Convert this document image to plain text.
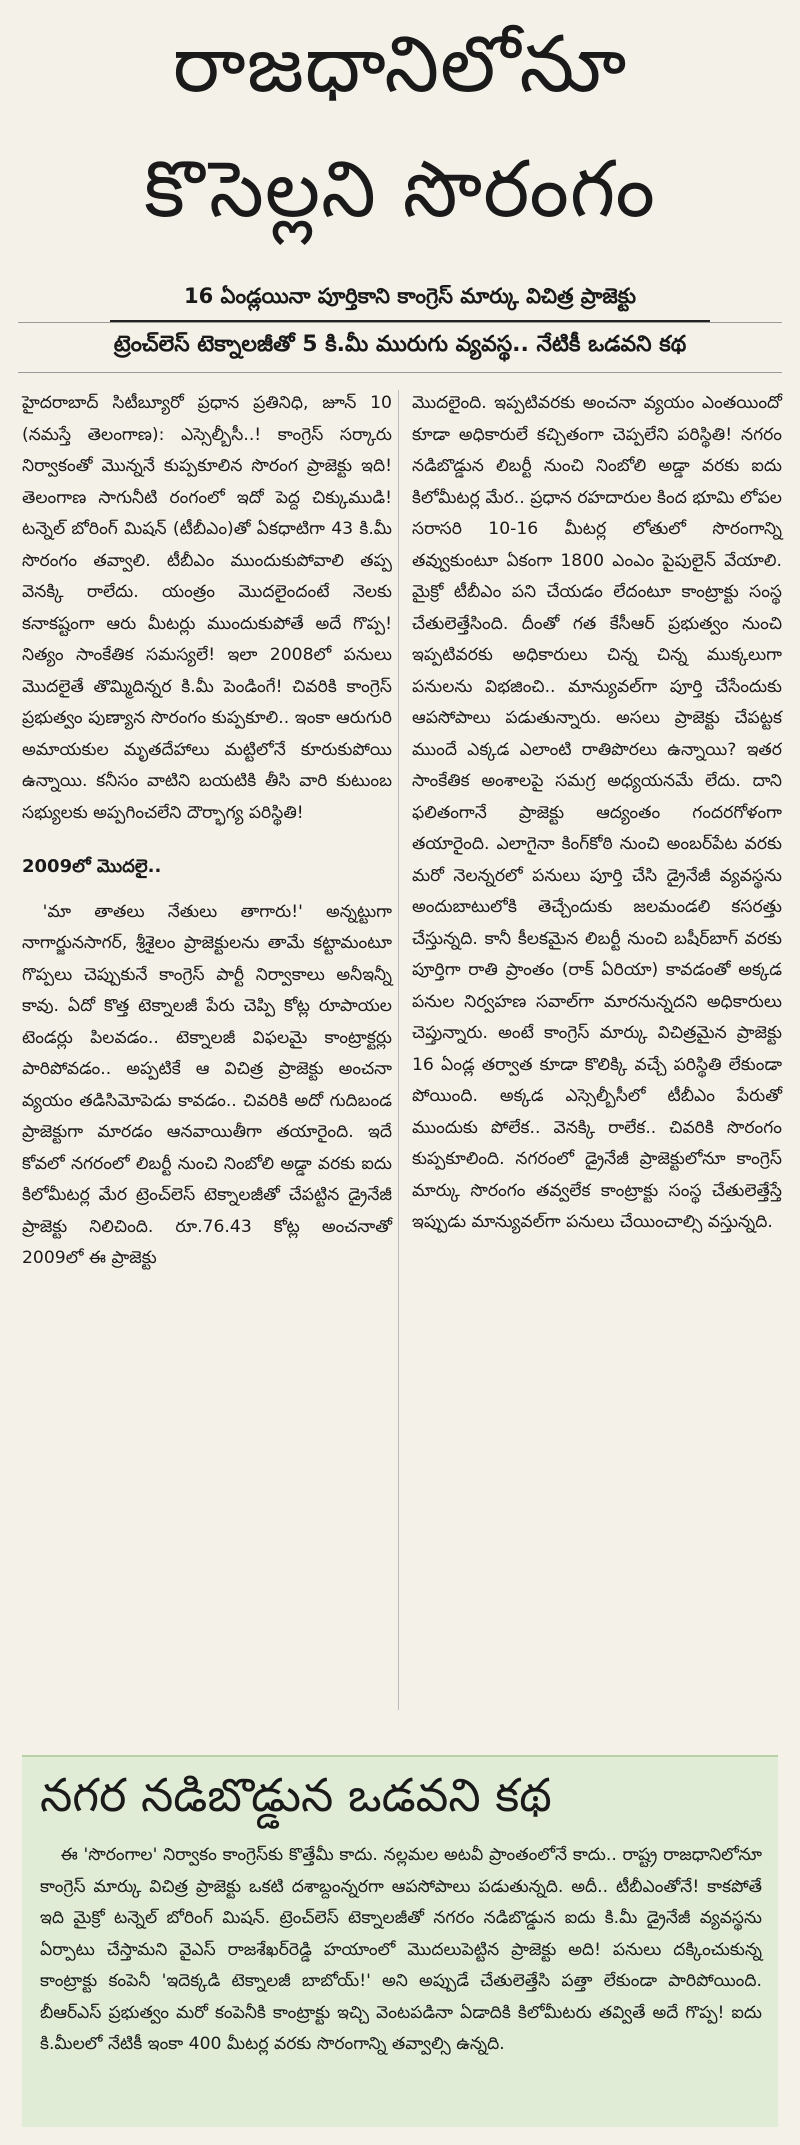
రాజధానిలోనూ
కొసెల్లని సొరంగం
16 ఏండ్లయినా పూర్తికాని కాంగ్రెస్ మార్కు విచిత్ర ప్రాజెక్టు
ట్రెంచ్‌లెస్ టెక్నాలజీతో 5 కి.మీ మురుగు వ్యవస్థ.. నేటికీ ఒడవని కథ

హైదరాబాద్ సిటీబ్యూరో ప్రధాన ప్రతినిధి, జూన్ 10 (నమస్తే తెలంగాణ): ఎస్సెల్బీసీ..! కాంగ్రెస్ సర్కారు నిర్వాకంతో మొన్ననే కుప్పకూలిన సొరంగ ప్రాజెక్టు ఇది! తెలంగాణ సాగునీటి రంగంలో ఇదో పెద్ద చిక్కుముడి! టన్నెల్ బోరింగ్ మిషన్ (టీబీఎం)తో ఏకధాటిగా 43 కి.మీ సొరంగం తవ్వాలి. టీబీఎం ముందుకుపోవాలి తప్ప వెనక్కి రాలేదు. యంత్రం మొదలైందంటే నెలకు కనాకష్టంగా ఆరు మీటర్లు ముందుకుపోతే అదే గొప్ప! నిత్యం సాంకేతిక సమస్యలే! ఇలా 2008లో పనులు మొదలైతే తొమ్మిదిన్నర కి.మీ పెండింగే! చివరికి కాంగ్రెస్ ప్రభుత్వం పుణ్యాన సొరంగం కుప్పకూలి.. ఇంకా ఆరుగురి అమాయకుల మృతదేహాలు మట్టిలోనే కూరుకుపోయి ఉన్నాయి. కనీసం వాటిని బయటికి తీసి వారి కుటుంబ సభ్యులకు అప్పగించలేని దౌర్భాగ్య పరిస్థితి!

2009లో మొదలై..

'మా తాతలు నేతులు తాగారు!' అన్నట్టుగా నాగార్జునసాగర్, శ్రీశైలం ప్రాజెక్టులను తామే కట్టామంటూ గొప్పలు చెప్పుకునే కాంగ్రెస్ పార్టీ నిర్వాకాలు అనీఇన్నీ కావు. ఏదో కొత్త టెక్నాలజీ పేరు చెప్పి కోట్ల రూపాయల టెండర్లు పిలవడం.. టెక్నాలజీ విఫలమై కాంట్రాక్టర్లు పారిపోవడం.. అప్పటికే ఆ విచిత్ర ప్రాజెక్టు అంచనా వ్యయం తడిసిమోపెడు కావడం.. చివరికి అదో గుదిబండ ప్రాజెక్టుగా మారడం ఆనవాయితీగా తయారైంది. ఇదే కోవలో నగరంలో లిబర్టీ నుంచి నింబోలి అడ్డా వరకు ఐదు కిలోమీటర్ల మేర ట్రెంచ్‌లెస్ టెక్నాలజీతో చేపట్టిన డ్రైనేజీ ప్రాజెక్టు నిలిచింది. రూ.76.43 కోట్ల అంచనాతో 2009లో ఈ ప్రాజెక్టు

మొదలైంది. ఇప్పటివరకు అంచనా వ్యయం ఎంతయిందో కూడా అధికారులే కచ్చితంగా చెప్పలేని పరిస్థితి! నగరం నడిబొడ్డున లిబర్టీ నుంచి నింబోలి అడ్డా వరకు ఐదు కిలోమీటర్ల మేర.. ప్రధాన రహదారుల కింద భూమి లోపల సరాసరి 10-16 మీటర్ల లోతులో సొరంగాన్ని తవ్వుకుంటూ ఏకంగా 1800 ఎంఎం పైపులైన్ వేయాలి. మైక్రో టీబీఎం పని చేయడం లేదంటూ కాంట్రాక్టు సంస్థ చేతులెత్తేసింది. దీంతో గత కేసీఆర్ ప్రభుత్వం నుంచి ఇప్పటివరకు అధికారులు చిన్న చిన్న ముక్కలుగా పనులను విభజించి.. మాన్యువల్‌గా పూర్తి చేసేందుకు ఆపసోపాలు పడుతున్నారు. అసలు ప్రాజెక్టు చేపట్టక ముందే ఎక్కడ ఎలాంటి రాతిపొరలు ఉన్నాయి? ఇతర సాంకేతిక అంశాలపై సమగ్ర అధ్యయనమే లేదు. దాని ఫలితంగానే ప్రాజెక్టు ఆద్యంతం గందరగోళంగా తయారైంది. ఎలాగైనా కింగ్‌కోఠి నుంచి అంబర్‌పేట వరకు మరో నెలన్నరలో పనులు పూర్తి చేసి డ్రైనేజీ వ్యవస్థను అందుబాటులోకి తెచ్చేందుకు జలమండలి కసరత్తు చేస్తున్నది. కానీ కీలకమైన లిబర్టీ నుంచి బషీర్‌బాగ్ వరకు పూర్తిగా రాతి ప్రాంతం (రాక్ ఏరియా) కావడంతో అక్కడ పనుల నిర్వహణ సవాల్‌గా మారనున్నదని అధికారులు చెప్తున్నారు. అంటే కాంగ్రెస్ మార్కు విచిత్రమైన ప్రాజెక్టు 16 ఏండ్ల తర్వాత కూడా కొలిక్కి వచ్చే పరిస్థితి లేకుండా పోయింది. అక్కడ ఎస్సెల్బీసీలో టీబీఎం పేరుతో ముందుకు పోలేక.. వెనక్కి రాలేక.. చివరికి సొరంగం కుప్పకూలింది. నగరంలో డ్రైనేజీ ప్రాజెక్టులోనూ కాంగ్రెస్ మార్కు సొరంగం తవ్వలేక కాంట్రాక్టు సంస్థ చేతులెత్తేస్తే ఇప్పుడు మాన్యువల్‌గా పనులు చేయించాల్సి వస్తున్నది.

నగర నడిబొడ్డున ఒడవని కథ

ఈ 'సొరంగాల' నిర్వాకం కాంగ్రెస్‌కు కొత్తేమీ కాదు. నల్లమల అటవీ ప్రాంతంలోనే కాదు.. రాష్ట్ర రాజధానిలోనూ కాంగ్రెస్ మార్కు విచిత్ర ప్రాజెక్టు ఒకటి దశాబ్దంన్నరగా ఆపసోపాలు పడుతున్నది. అదీ.. టీబీఎంతోనే! కాకపోతే ఇది మైక్రో టన్నెల్ బోరింగ్ మిషన్. ట్రెంచ్‌లెస్ టెక్నాలజీతో నగరం నడిబొడ్డున ఐదు కి.మీ డ్రైనేజీ వ్యవస్థను ఏర్పాటు చేస్తామని వైఎస్ రాజశేఖర్‌రెడ్డి హయాంలో మొదలుపెట్టిన ప్రాజెక్టు అది! పనులు దక్కించుకున్న కాంట్రాక్టు కంపెనీ 'ఇదెక్కడి టెక్నాలజీ బాబోయ్!' అని అప్పుడే చేతులెత్తేసి పత్తా లేకుండా పారిపోయింది. బీఆర్‌ఎస్ ప్రభుత్వం మరో కంపెనీకి కాంట్రాక్టు ఇచ్చి వెంటపడినా ఏడాదికి కిలోమీటరు తవ్వితే అదే గొప్ప! ఐదు కి.మీలలో నేటికీ ఇంకా 400 మీటర్ల వరకు సొరంగాన్ని తవ్వాల్సి ఉన్నది.
